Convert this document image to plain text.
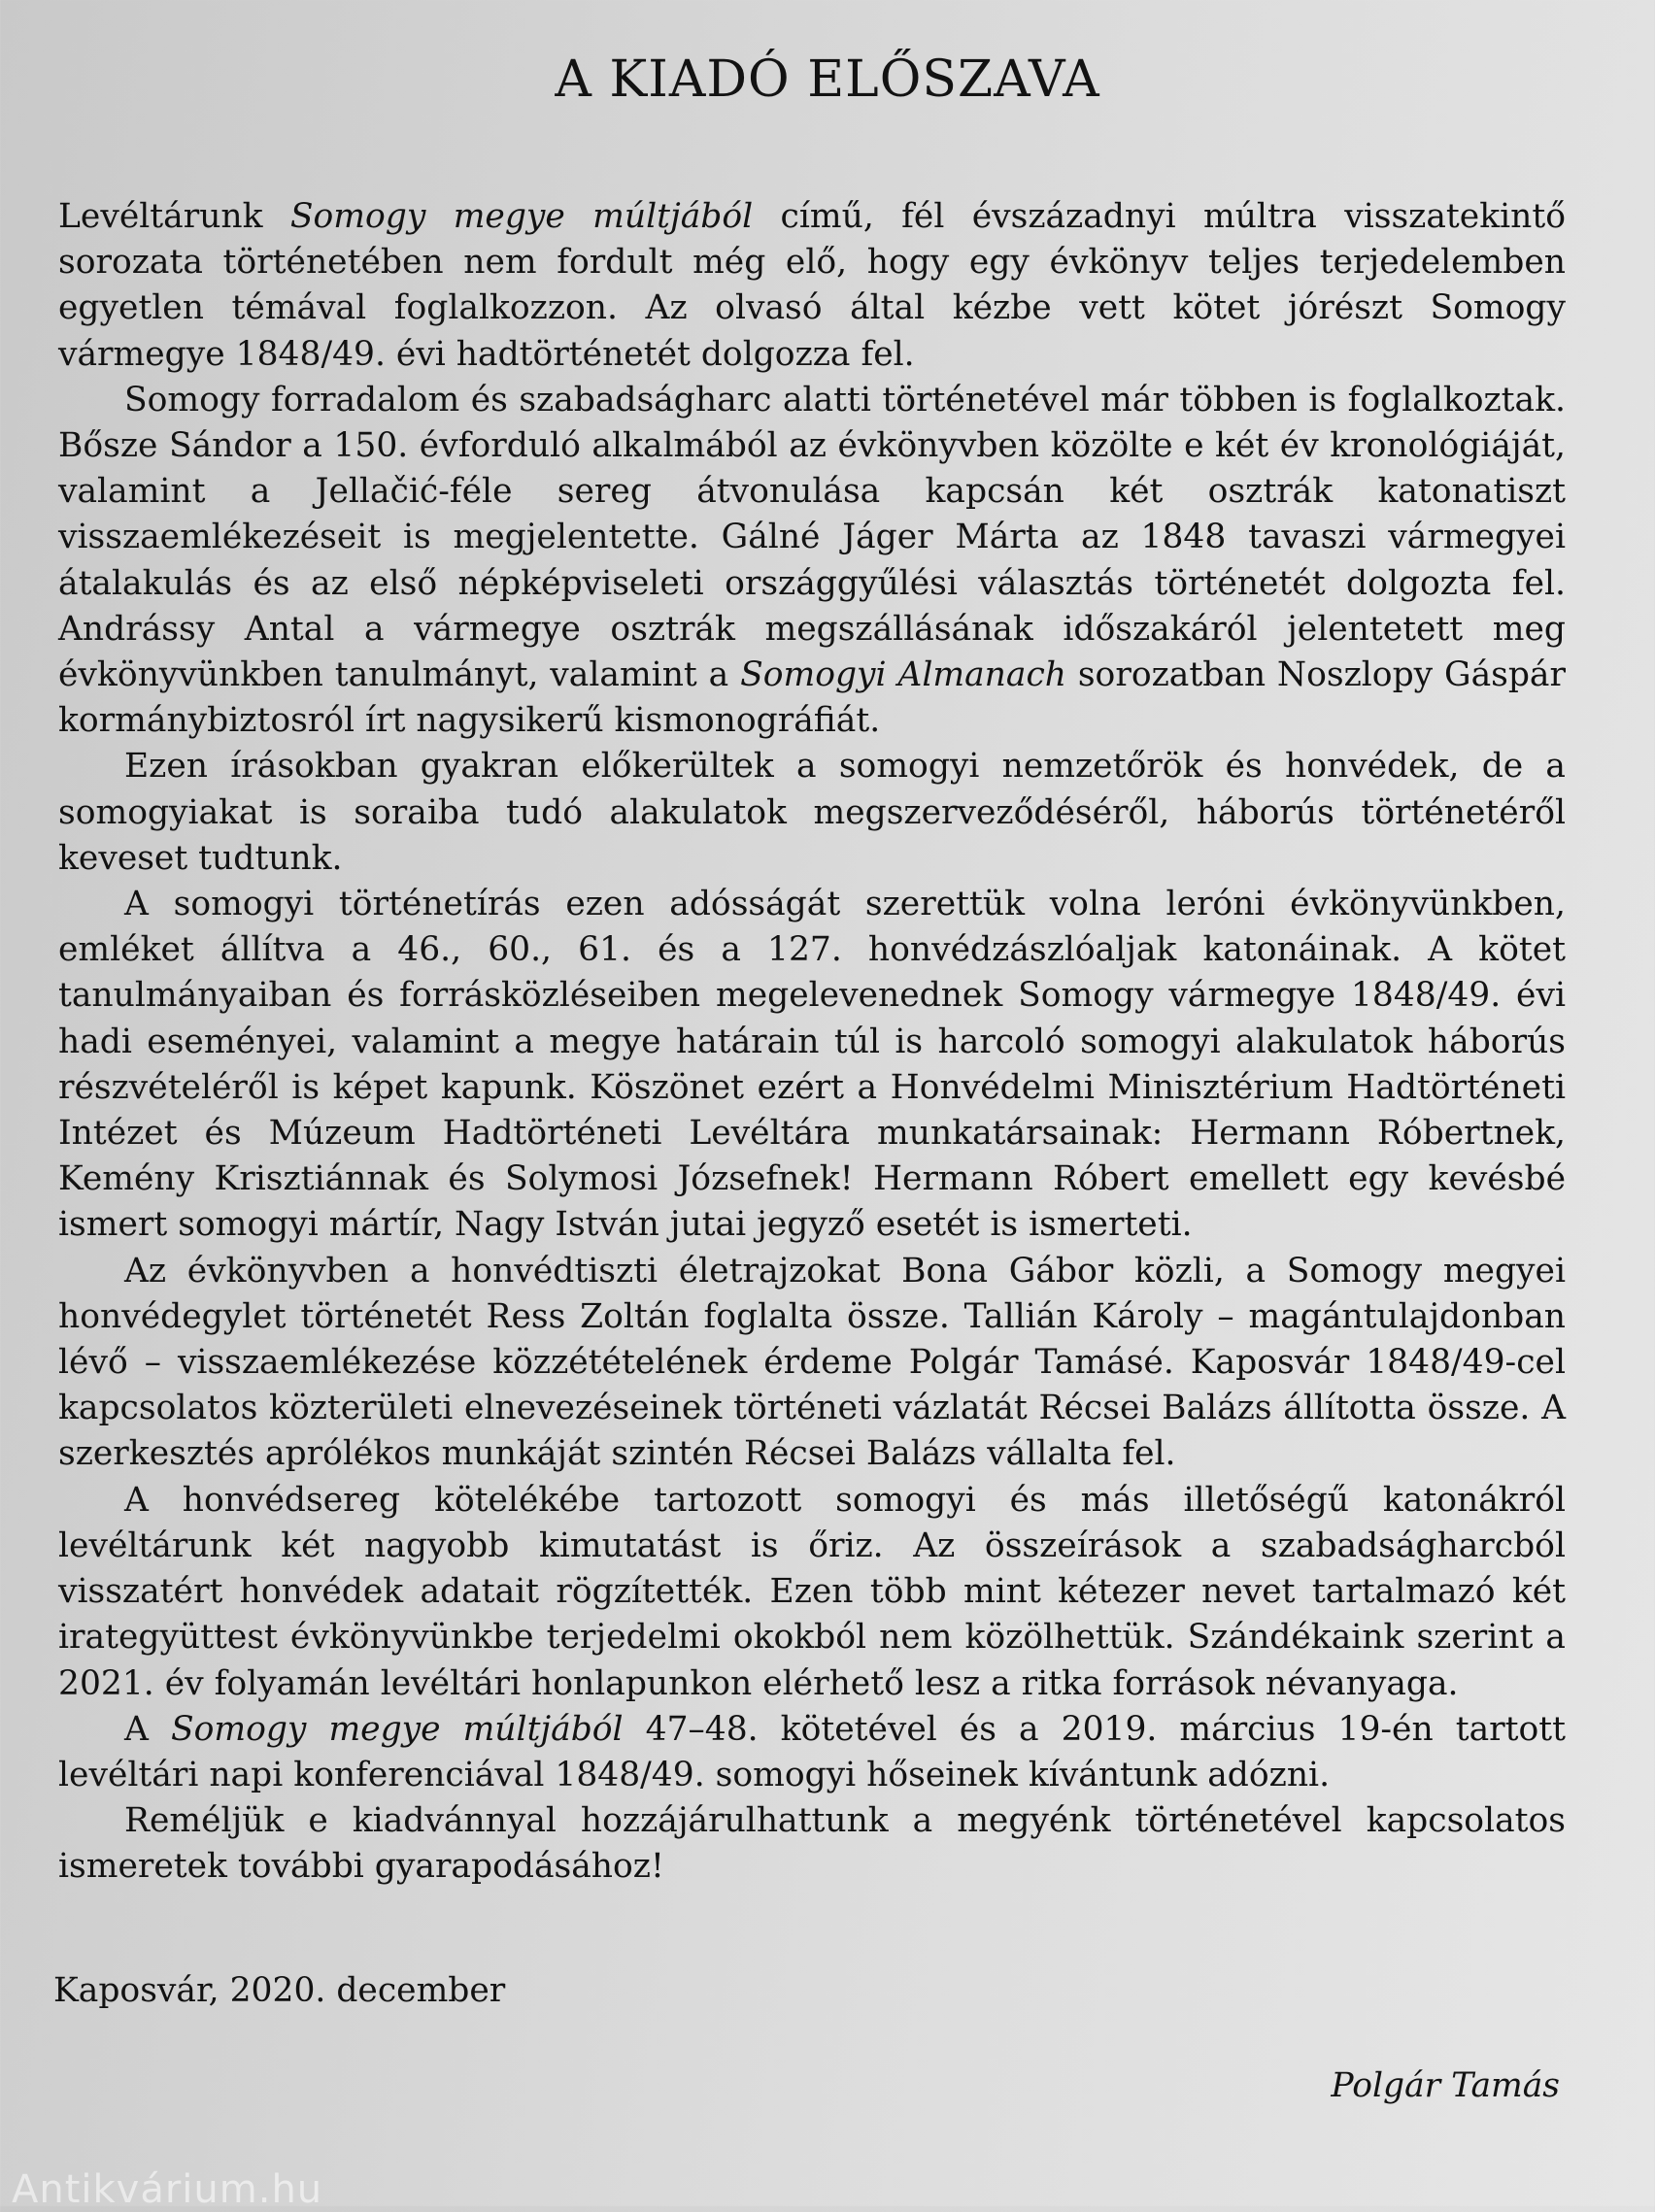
A KIADÓ ELŐSZAVA

Levéltárunk Somogy megye múltjából című, fél évszázadnyi múltra visszatekintő sorozata történetében nem fordult még elő, hogy egy évkönyv teljes terjedelemben egyetlen témával foglalkozzon. Az olvasó által kézbe vett kötet jórészt Somogy vármegye 1848/49. évi hadtörténetét dolgozza fel.

Somogy forradalom és szabadságharc alatti történetével már többen is foglalkoztak. Bősze Sándor a 150. évforduló alkalmából az évkönyvben közölte e két év kronológiáját, valamint a Jellačić-féle sereg átvonulása kapcsán két osztrák katonatiszt visszaemlékezéseit is megjelentette. Gálné Jáger Márta az 1848 tavaszi vármegyei átalakulás és az első népképviseleti országgyűlési választás történetét dolgozta fel. Andrássy Antal a vármegye osztrák megszállásának időszakáról jelentetett meg évkönyvünkben tanulmányt, valamint a Somogyi Almanach sorozatban Noszlopy Gáspár kormánybiztosról írt nagysikerű kismonográfiát.

Ezen írásokban gyakran előkerültek a somogyi nemzetőrök és honvédek, de a somogyiakat is soraiba tudó alakulatok megszerveződéséről, háborús történetéről keveset tudtunk.

A somogyi történetírás ezen adósságát szerettük volna leróni évkönyvünkben, emléket állítva a 46., 60., 61. és a 127. honvédzászlóaljak katonáinak. A kötet tanulmányaiban és forrásközléseiben megelevenednek Somogy vármegye 1848/49. évi hadi eseményei, valamint a megye határain túl is harcoló somogyi alakulatok háborús részvételéről is képet kapunk. Köszönet ezért a Honvédelmi Minisztérium Hadtörténeti Intézet és Múzeum Hadtörténeti Levéltára munkatársainak: Hermann Róbertnek, Kemény Krisztiánnak és Solymosi Józsefnek! Hermann Róbert emellett egy kevésbé ismert somogyi mártír, Nagy István jutai jegyző esetét is ismerteti.

Az évkönyvben a honvédtiszti életrajzokat Bona Gábor közli, a Somogy megyei honvédegylet történetét Ress Zoltán foglalta össze. Tallián Károly – magántulajdonban lévő – visszaemlékezése közzétételének érdeme Polgár Tamásé. Kaposvár 1848/49-cel kapcsolatos közterületi elnevezéseinek történeti vázlatát Récsei Balázs állította össze. A szerkesztés aprólékos munkáját szintén Récsei Balázs vállalta fel.

A honvédsereg kötelékébe tartozott somogyi és más illetőségű katonákról levéltárunk két nagyobb kimutatást is őriz. Az összeírások a szabadságharcból visszatért honvédek adatait rögzítették. Ezen több mint kétezer nevet tartalmazó két irategyüttest évkönyvünkbe terjedelmi okokból nem közölhettük. Szándékaink szerint a 2021. év folyamán levéltári honlapunkon elérhető lesz a ritka források névanyaga.

A Somogy megye múltjából 47–48. kötetével és a 2019. március 19-én tartott levéltári napi konferenciával 1848/49. somogyi hőseinek kívántunk adózni.

Reméljük e kiadvánnyal hozzájárulhattunk a megyénk történetével kapcsolatos ismeretek további gyarapodásához!

Kaposvár, 2020. december

Polgár Tamás

Antikvárium.hu
